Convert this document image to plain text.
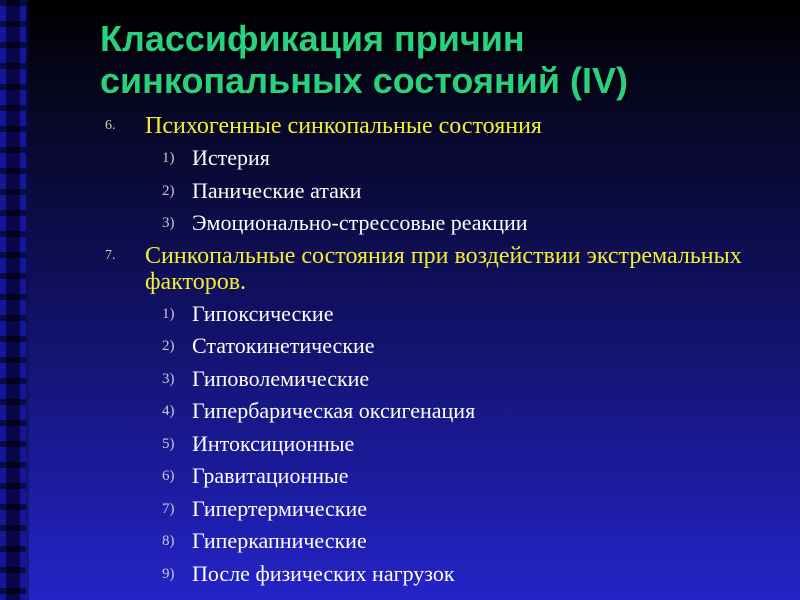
Классификация причин
синкопальных состояний (IV)
6. Психогенные синкопальные состояния
1) Истерия
2) Панические атаки
3) Эмоционально-стрессовые реакции
7. Синкопальные состояния при воздействии экстремальных факторов.
1) Гипоксические
2) Статокинетические
3) Гиповолемические
4) Гипербарическая оксигенация
5) Интоксиционные
6) Гравитационные
7) Гипертермические
8) Гиперкапнические
9) После физических нагрузок
